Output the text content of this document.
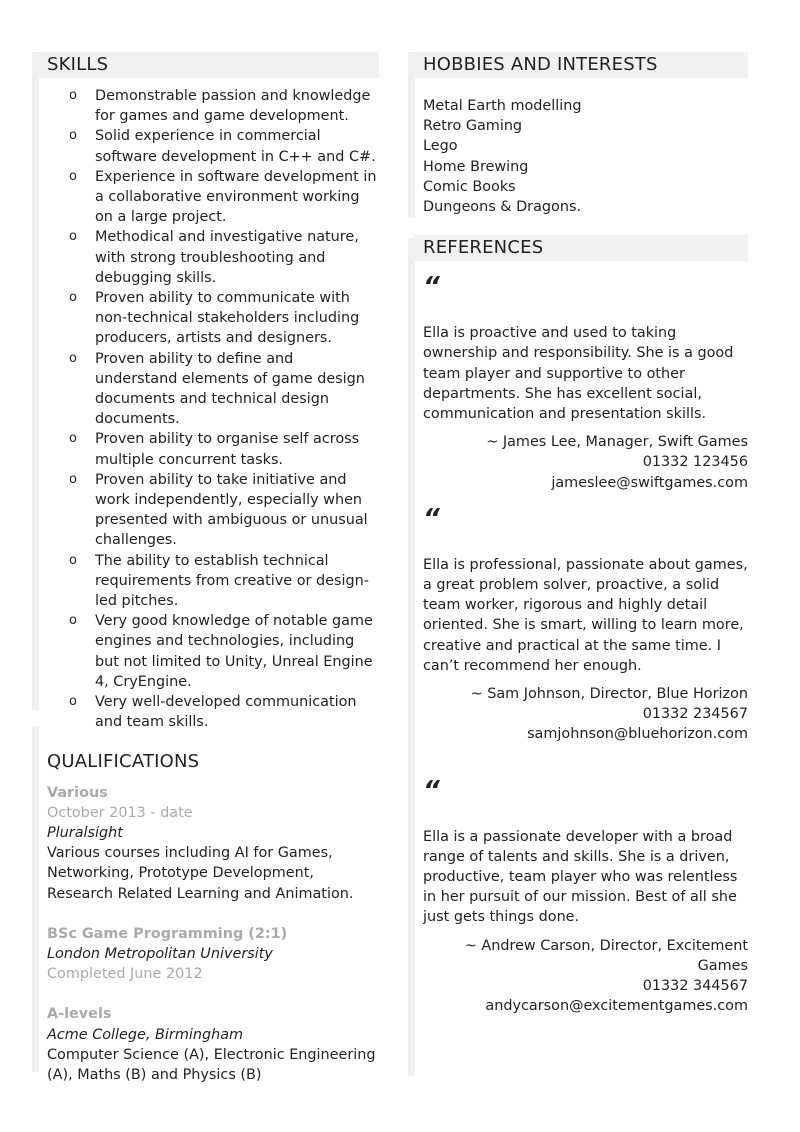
SKILLS
o Demonstrable passion and knowledge for games and game development.
o Solid experience in commercial software development in C++ and C#.
o Experience in software development in a collaborative environment working on a large project.
o Methodical and investigative nature, with strong troubleshooting and debugging skills.
o Proven ability to communicate with non-technical stakeholders including producers, artists and designers.
o Proven ability to define and understand elements of game design documents and technical design documents.
o Proven ability to organise self across multiple concurrent tasks.
o Proven ability to take initiative and work independently, especially when presented with ambiguous or unusual challenges.
o The ability to establish technical requirements from creative or design-led pitches.
o Very good knowledge of notable game engines and technologies, including but not limited to Unity, Unreal Engine 4, CryEngine.
o Very well-developed communication and team skills.
QUALIFICATIONS
Various
October 2013 - date
Pluralsight
Various courses including AI for Games, Networking, Prototype Development, Research Related Learning and Animation.
BSc Game Programming (2:1)
London Metropolitan University
Completed June 2012
A-levels
Acme College, Birmingham
Computer Science (A), Electronic Engineering (A), Maths (B) and Physics (B)
HOBBIES AND INTERESTS
Metal Earth modelling
Retro Gaming
Lego
Home Brewing
Comic Books
Dungeons & Dragons.
REFERENCES
“
Ella is proactive and used to taking ownership and responsibility. She is a good team player and supportive to other departments. She has excellent social, communication and presentation skills.
~ James Lee, Manager, Swift Games
01332 123456
jameslee@swiftgames.com
“
Ella is professional, passionate about games, a great problem solver, proactive, a solid team worker, rigorous and highly detail oriented. She is smart, willing to learn more, creative and practical at the same time. I can’t recommend her enough.
~ Sam Johnson, Director, Blue Horizon
01332 234567
samjohnson@bluehorizon.com
“
Ella is a passionate developer with a broad range of talents and skills. She is a driven, productive, team player who was relentless in her pursuit of our mission. Best of all she just gets things done.
~ Andrew Carson, Director, Excitement Games
01332 344567
andycarson@excitementgames.com
